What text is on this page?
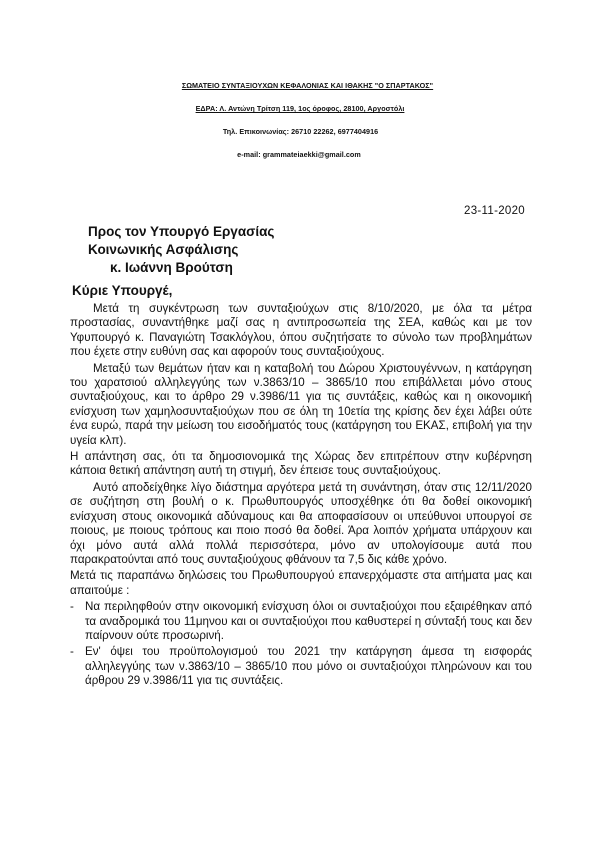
ΣΩΜΑΤΕΙΟ ΣΥΝΤΑΞΙΟΥΧΩΝ ΚΕΦΑΛΟΝΙΑΣ ΚΑΙ ΙΘΑΚΗΣ "Ο ΣΠΑΡΤΑΚΟΣ"
ΕΔΡΑ: Λ. Αντώνη Τρίτση 119, 1ος όροφος, 28100, Αργοστόλι
Τηλ. Επικοινωνίας: 26710 22262, 6977404916
e-mail: grammateiaekki@gmail.com
23-11-2020
Προς τον Υπουργό Εργασίας
Κοινωνικής Ασφάλισης
κ. Ιωάννη Βρούτση
Κύριε Υπουργέ,

Μετά τη συγκέντρωση των συνταξιούχων στις 8/10/2020, με όλα τα μέτρα προστασίας, συναντήθηκε μαζί σας η αντιπροσωπεία της ΣΕΑ, καθώς και με τον Υφυπουργό κ. Παναγιώτη Τσακλόγλου, όπου συζητήσατε το σύνολο των προβλημάτων που έχετε στην ευθύνη σας και αφορούν τους συνταξιούχους.

Μεταξύ των θεμάτων ήταν και η καταβολή του Δώρου Χριστουγέννων, η κατάργηση του χαρατσιού αλληλεγγύης των ν.3863/10 – 3865/10 που επιβάλλεται μόνο στους συνταξιούχους, και το άρθρο 29 ν.3986/11 για τις συντάξεις, καθώς και η οικονομική ενίσχυση των χαμηλοσυνταξιούχων που σε όλη τη 10ετία της κρίσης δεν έχει λάβει ούτε ένα ευρώ, παρά την μείωση του εισοδήματός τους (κατάργηση του ΕΚΑΣ, επιβολή για την υγεία κλπ).

Η απάντηση σας, ότι τα δημοσιονομικά της Χώρας δεν επιτρέπουν στην κυβέρνηση κάποια θετική απάντηση αυτή τη στιγμή, δεν έπεισε τους συνταξιούχους.

Αυτό αποδείχθηκε λίγο διάστημα αργότερα μετά τη συνάντηση, όταν στις 12/11/2020 σε συζήτηση στη βουλή ο κ. Πρωθυπουργός υποσχέθηκε ότι θα δοθεί οικονομική ενίσχυση στους οικονομικά αδύναμους και θα αποφασίσουν οι υπεύθυνοι υπουργοί σε ποιους, με ποιους τρόπους και ποιο ποσό θα δοθεί. Άρα λοιπόν χρήματα υπάρχουν και όχι μόνο αυτά αλλά πολλά περισσότερα, μόνο αν υπολογίσουμε αυτά που παρακρατούνται από τους συνταξιούχους φθάνουν τα 7,5 δις κάθε χρόνο.

Μετά τις παραπάνω δηλώσεις του Πρωθυπουργού επανερχόμαστε στα αιτήματα μας και απαιτούμε :

- Να περιληφθούν στην οικονομική ενίσχυση όλοι οι συνταξιούχοι που εξαιρέθηκαν από τα αναδρομικά του 11μηνου και οι συνταξιούχοι που καθυστερεί η σύνταξή τους και δεν παίρνουν ούτε προσωρινή.
- Εν' όψει του προϋπολογισμού του 2021 την κατάργηση άμεσα τη εισφοράς αλληλεγγύης των ν.3863/10 – 3865/10 που μόνο οι συνταξιούχοι πληρώνουν και του άρθρου 29 ν.3986/11 για τις συντάξεις.
